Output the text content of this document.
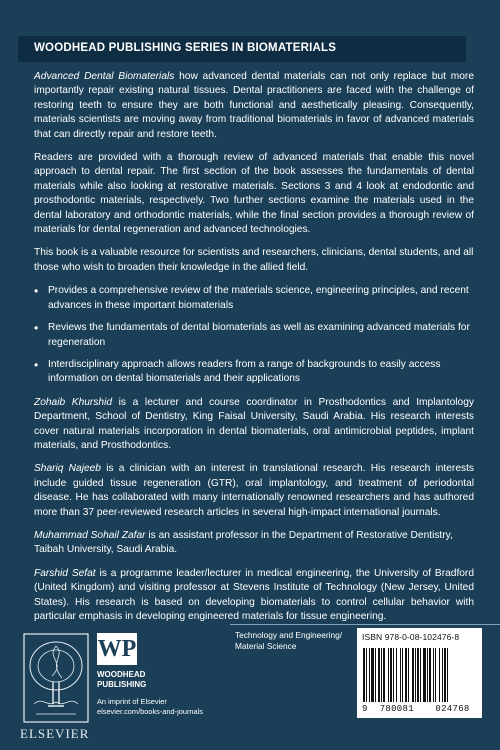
WOODHEAD PUBLISHING SERIES IN BIOMATERIALS

Advanced Dental Biomaterials how advanced dental materials can not only replace but more importantly repair existing natural tissues. Dental practitioners are faced with the challenge of restoring teeth to ensure they are both functional and aesthetically pleasing. Consequently, materials scientists are moving away from traditional biomaterials in favor of advanced materials that can directly repair and restore teeth.

Readers are provided with a thorough review of advanced materials that enable this novel approach to dental repair. The first section of the book assesses the fundamentals of dental materials while also looking at restorative materials. Sections 3 and 4 look at endodontic and prosthodontic materials, respectively. Two further sections examine the materials used in the dental laboratory and orthodontic materials, while the final section provides a thorough review of materials for dental regeneration and advanced technologies.

This book is a valuable resource for scientists and researchers, clinicians, dental students, and all those who wish to broaden their knowledge in the allied field.

• Provides a comprehensive review of the materials science, engineering principles, and recent advances in these important biomaterials
• Reviews the fundamentals of dental biomaterials as well as examining advanced materials for regeneration
• Interdisciplinary approach allows readers from a range of backgrounds to easily access information on dental biomaterials and their applications

Zohaib Khurshid is a lecturer and course coordinator in Prosthodontics and Implantology Department, School of Dentistry, King Faisal University, Saudi Arabia. His research interests cover natural materials incorporation in dental biomaterials, oral antimicrobial peptides, implant materials, and Prosthodontics.

Shariq Najeeb is a clinician with an interest in translational research. His research interests include guided tissue regeneration (GTR), oral implantology, and treatment of periodontal disease. He has collaborated with many internationally renowned researchers and has authored more than 37 peer-reviewed research articles in several high-impact international journals.

Muhammad Sohail Zafar is an assistant professor in the Department of Restorative Dentistry, Taibah University, Saudi Arabia.

Farshid Sefat is a programme leader/lecturer in medical engineering, the University of Bradford (United Kingdom) and visiting professor at Stevens Institute of Technology (New Jersey, United States). His research is based on developing biomaterials to control cellular behavior with particular emphasis in developing engineered materials for tissue engineering.

ELSEVIER
WP
WOODHEAD
PUBLISHING
An imprint of Elsevier
elsevier.com/books-and-journals
Technology and Engineering/
Material Science
ISBN 978-0-08-102476-8
9 780081 024768
